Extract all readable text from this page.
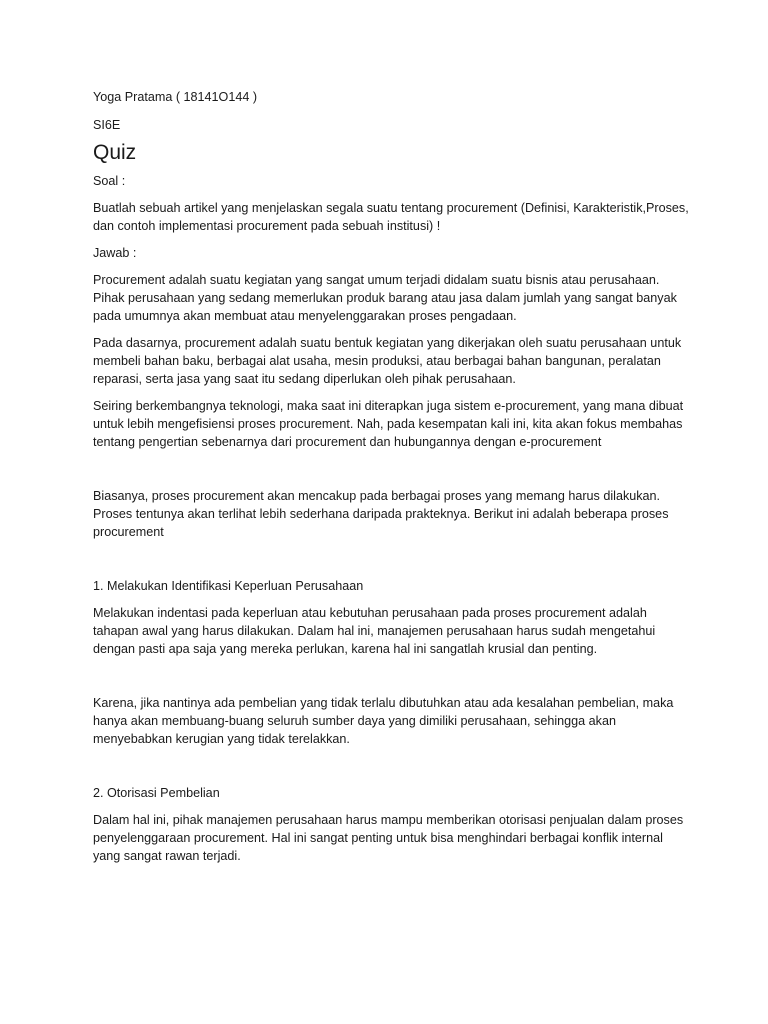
Yoga Pratama ( 18141O144 )

SI6E

Quiz

Soal :

Buatlah sebuah artikel yang menjelaskan segala suatu tentang procurement (Definisi, Karakteristik,Proses, dan contoh implementasi procurement pada sebuah institusi) !

Jawab :

Procurement adalah suatu kegiatan yang sangat umum terjadi didalam suatu bisnis atau perusahaan. Pihak perusahaan yang sedang memerlukan produk barang atau jasa dalam jumlah yang sangat banyak pada umumnya akan membuat atau menyelenggarakan proses pengadaan.

Pada dasarnya, procurement adalah suatu bentuk kegiatan yang dikerjakan oleh suatu perusahaan untuk membeli bahan baku, berbagai alat usaha, mesin produksi, atau berbagai bahan bangunan, peralatan reparasi, serta jasa yang saat itu sedang diperlukan oleh pihak perusahaan.

Seiring berkembangnya teknologi, maka saat ini diterapkan juga sistem e-procurement, yang mana dibuat untuk lebih mengefisiensi proses procurement. Nah, pada kesempatan kali ini, kita akan fokus membahas tentang pengertian sebenarnya dari procurement dan hubungannya dengan e-procurement

Biasanya, proses procurement akan mencakup pada berbagai proses yang memang harus dilakukan. Proses tentunya akan terlihat lebih sederhana daripada prakteknya. Berikut ini adalah beberapa proses procurement

1. Melakukan Identifikasi Keperluan Perusahaan

Melakukan indentasi pada keperluan atau kebutuhan perusahaan pada proses procurement adalah tahapan awal yang harus dilakukan. Dalam hal ini, manajemen perusahaan harus sudah mengetahui dengan pasti apa saja yang mereka perlukan, karena hal ini sangatlah krusial dan penting.

Karena, jika nantinya ada pembelian yang tidak terlalu dibutuhkan atau ada kesalahan pembelian, maka hanya akan membuang-buang seluruh sumber daya yang dimiliki perusahaan, sehingga akan menyebabkan kerugian yang tidak terelakkan.

2. Otorisasi Pembelian

Dalam hal ini, pihak manajemen perusahaan harus mampu memberikan otorisasi penjualan dalam proses penyelenggaraan procurement. Hal ini sangat penting untuk bisa menghindari berbagai konflik internal yang sangat rawan terjadi.
